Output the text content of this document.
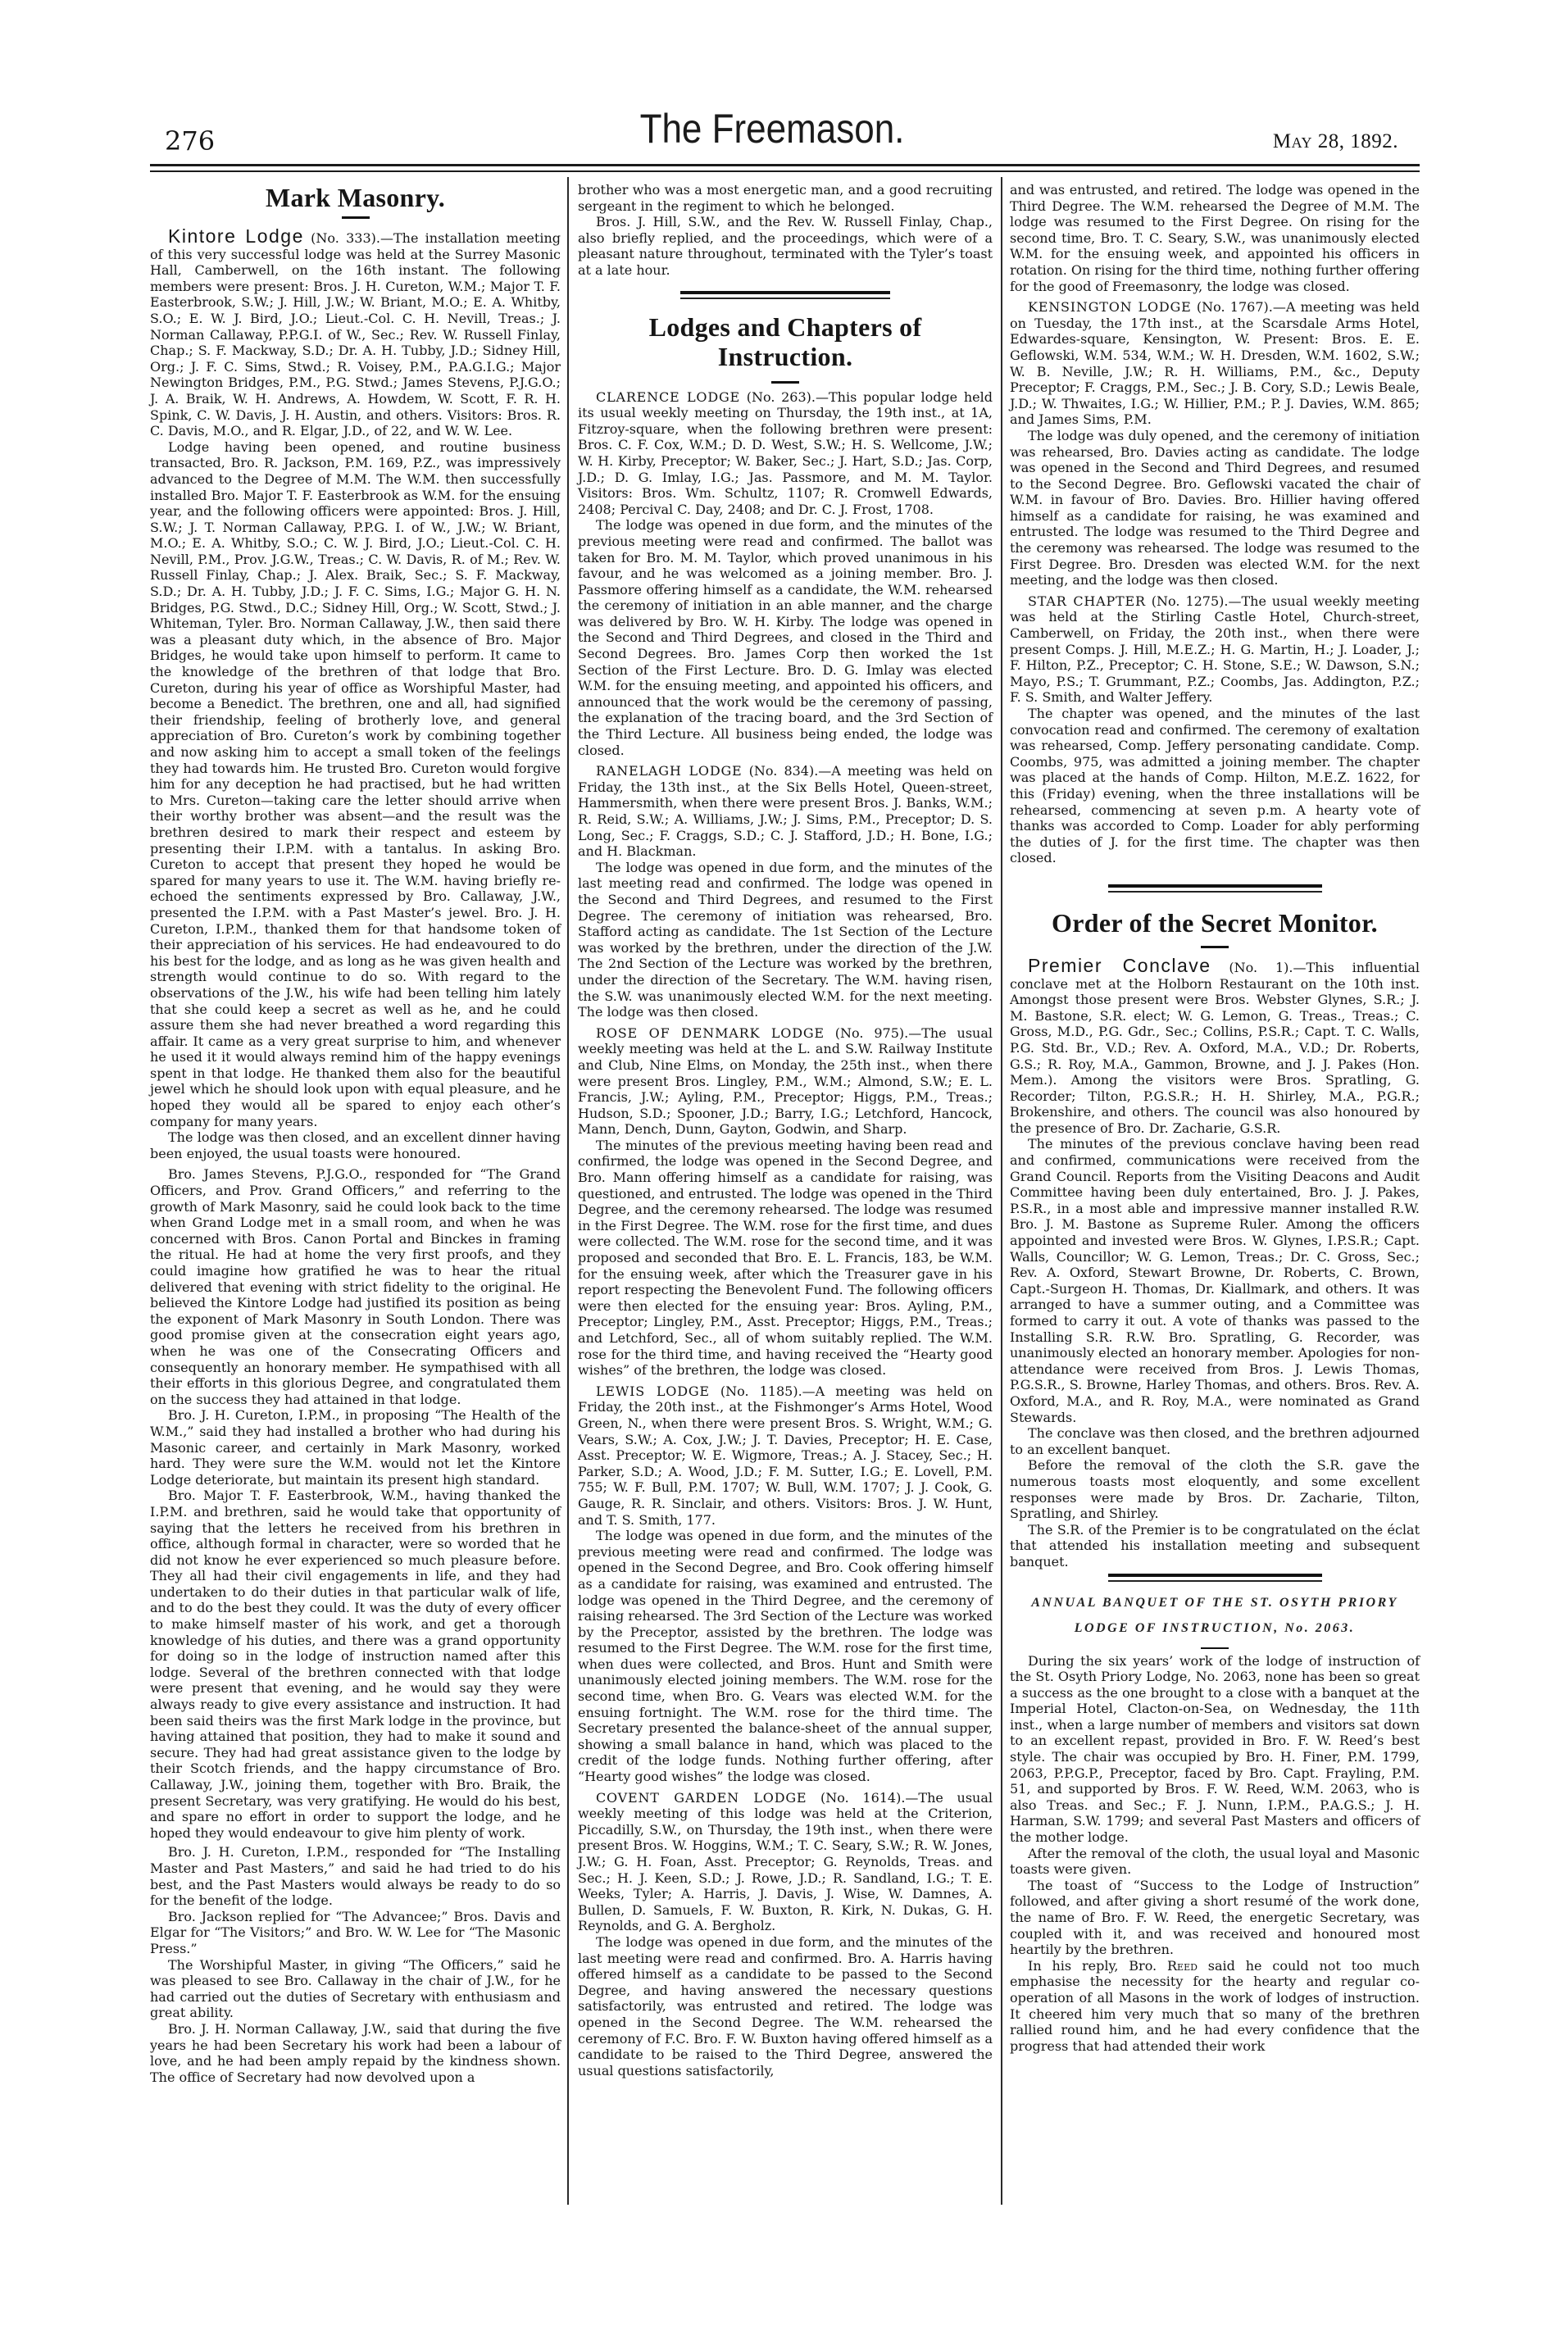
276	The Freemason.	May 28, 1892.
Mark Masonry.

Kintore Lodge (No. 333).—The installation meeting of this very successful lodge was held at the Surrey Masonic Hall, Camberwell, on the 16th instant. The following members were present: Bros. J. H. Cureton, W.M.; Major T. F. Easterbrook, S.W.; J. Hill, J.W.; W. Briant, M.O.; E. A. Whitby, S.O.; E. W. J. Bird, J.O.; Lieut.-Col. C. H. Nevill, Treas.; J. Norman Callaway, P.P.G.I. of W., Sec.; Rev. W. Russell Finlay, Chap.; S. F. Mackway, S.D.; Dr. A. H. Tubby, J.D.; Sidney Hill, Org.; J. F. C. Sims, Stwd.; R. Voisey, P.M., P.A.G.I.G.; Major Newington Bridges, P.M., P.G. Stwd.; James Stevens, P.J.G.O.; J. A. Braik, W. H. Andrews, A. Howdem, W. Scott, F. R. H. Spink, C. W. Davis, J. H. Austin, and others. Visitors: Bros. R. C. Davis, M.O., and R. Elgar, J.D., of 22, and W. W. Lee.

Lodge having been opened, and routine business transacted, Bro. R. Jackson, P.M. 169, P.Z., was impressively advanced to the Degree of M.M. The W.M. then successfully installed Bro. Major T. F. Easterbrook as W.M. for the ensuing year, and the following officers were appointed: Bros. J. Hill, S.W.; J. T. Norman Callaway, P.P.G. I. of W., J.W.; W. Briant, M.O.; E. A. Whitby, S.O.; C. W. J. Bird, J.O.; Lieut.-Col. C. H. Nevill, P.M., Prov. J.G.W., Treas.; C. W. Davis, R. of M.; Rev. W. Russell Finlay, Chap.; J. Alex. Braik, Sec.; S. F. Mackway, S.D.; Dr. A. H. Tubby, J.D.; J. F. C. Sims, I.G.; Major G. H. N. Bridges, P.G. Stwd., D.C.; Sidney Hill, Org.; W. Scott, Stwd.; J. Whiteman, Tyler. Bro. Norman Callaway, J.W., then said there was a pleasant duty which, in the absence of Bro. Major Bridges, he would take upon himself to perform. It came to the knowledge of the brethren of that lodge that Bro. Cureton, during his year of office as Worshipful Master, had become a Benedict. The brethren, one and all, had signified their friendship, feeling of brotherly love, and general appreciation of Bro. Cureton’s work by combining together and now asking him to accept a small token of the feelings they had towards him. He trusted Bro. Cureton would forgive him for any deception he had practised, but he had written to Mrs. Cureton—taking care the letter should arrive when their worthy brother was absent—and the result was the brethren desired to mark their respect and esteem by presenting their I.P.M. with a tantalus. In asking Bro. Cureton to accept that present they hoped he would be spared for many years to use it. The W.M. having briefly re-echoed the sentiments expressed by Bro. Callaway, J.W., presented the I.P.M. with a Past Master’s jewel. Bro. J. H. Cureton, I.P.M., thanked them for that handsome token of their appreciation of his services. He had endeavoured to do his best for the lodge, and as long as he was given health and strength would continue to do so. With regard to the observations of the J.W., his wife had been telling him lately that she could keep a secret as well as he, and he could assure them she had never breathed a word regarding this affair. It came as a very great surprise to him, and whenever he used it it would always remind him of the happy evenings spent in that lodge. He thanked them also for the beautiful jewel which he should look upon with equal pleasure, and he hoped they would all be spared to enjoy each other’s company for many years.

The lodge was then closed, and an excellent dinner having been enjoyed, the usual toasts were honoured.

Bro. James Stevens, P.J.G.O., responded for “The Grand Officers, and Prov. Grand Officers,” and referring to the growth of Mark Masonry, said he could look back to the time when Grand Lodge met in a small room, and when he was concerned with Bros. Canon Portal and Binckes in framing the ritual. He had at home the very first proofs, and they could imagine how gratified he was to hear the ritual delivered that evening with strict fidelity to the original. He believed the Kintore Lodge had justified its position as being the exponent of Mark Masonry in South London. There was good promise given at the consecration eight years ago, when he was one of the Consecrating Officers and consequently an honorary member. He sympathised with all their efforts in this glorious Degree, and congratulated them on the success they had attained in that lodge.

Bro. J. H. Cureton, I.P.M., in proposing “The Health of the W.M.,” said they had installed a brother who had during his Masonic career, and certainly in Mark Masonry, worked hard. They were sure the W.M. would not let the Kintore Lodge deteriorate, but maintain its present high standard.

Bro. Major T. F. Easterbrook, W.M., having thanked the I.P.M. and brethren, said he would take that opportunity of saying that the letters he received from his brethren in office, although formal in character, were so worded that he did not know he ever experienced so much pleasure before. They all had their civil engagements in life, and they had undertaken to do their duties in that particular walk of life, and to do the best they could. It was the duty of every officer to make himself master of his work, and get a thorough knowledge of his duties, and there was a grand opportunity for doing so in the lodge of instruction named after this lodge. Several of the brethren connected with that lodge were present that evening, and he would say they were always ready to give every assistance and instruction. It had been said theirs was the first Mark lodge in the province, but having attained that position, they had to make it sound and secure. They had had great assistance given to the lodge by their Scotch friends, and the happy circumstance of Bro. Callaway, J.W., joining them, together with Bro. Braik, the present Secretary, was very gratifying. He would do his best, and spare no effort in order to support the lodge, and he hoped they would endeavour to give him plenty of work.

Bro. J. H. Cureton, I.P.M., responded for “The Installing Master and Past Masters,” and said he had tried to do his best, and the Past Masters would always be ready to do so for the benefit of the lodge.

Bro. Jackson replied for “The Advancee;” Bros. Davis and Elgar for “The Visitors;” and Bro. W. W. Lee for “The Masonic Press.”

The Worshipful Master, in giving “The Officers,” said he was pleased to see Bro. Callaway in the chair of J.W., for he had carried out the duties of Secretary with enthusiasm and great ability.

Bro. J. H. Norman Callaway, J.W., said that during the five years he had been Secretary his work had been a labour of love, and he had been amply repaid by the kindness shown. The office of Secretary had now devolved upon a

brother who was a most energetic man, and a good recruiting sergeant in the regiment to which he belonged.

Bros. J. Hill, S.W., and the Rev. W. Russell Finlay, Chap., also briefly replied, and the proceedings, which were of a pleasant nature throughout, terminated with the Tyler’s toast at a late hour.

Lodges and Chapters of
Instruction.

CLARENCE LODGE (No. 263).—This popular lodge held its usual weekly meeting on Thursday, the 19th inst., at 1A, Fitzroy-square, when the following brethren were present: Bros. C. F. Cox, W.M.; D. D. West, S.W.; H. S. Wellcome, J.W.; W. H. Kirby, Preceptor; W. Baker, Sec.; J. Hart, S.D.; Jas. Corp, J.D.; D. G. Imlay, I.G.; Jas. Passmore, and M. M. Taylor. Visitors: Bros. Wm. Schultz, 1107; R. Cromwell Edwards, 2408; Percival C. Day, 2408; and Dr. C. J. Frost, 1708.

The lodge was opened in due form, and the minutes of the previous meeting were read and confirmed. The ballot was taken for Bro. M. M. Taylor, which proved unanimous in his favour, and he was welcomed as a joining member. Bro. J. Passmore offering himself as a candidate, the W.M. rehearsed the ceremony of initiation in an able manner, and the charge was delivered by Bro. W. H. Kirby. The lodge was opened in the Second and Third Degrees, and closed in the Third and Second Degrees. Bro. James Corp then worked the 1st Section of the First Lecture. Bro. D. G. Imlay was elected W.M. for the ensuing meeting, and appointed his officers, and announced that the work would be the ceremony of passing, the explanation of the tracing board, and the 3rd Section of the Third Lecture. All business being ended, the lodge was closed.

RANELAGH LODGE (No. 834).—A meeting was held on Friday, the 13th inst., at the Six Bells Hotel, Queen-street, Hammersmith, when there were present Bros. J. Banks, W.M.; R. Reid, S.W.; A. Williams, J.W.; J. Sims, P.M., Preceptor; D. S. Long, Sec.; F. Craggs, S.D.; C. J. Stafford, J.D.; H. Bone, I.G.; and H. Blackman.

The lodge was opened in due form, and the minutes of the last meeting read and confirmed. The lodge was opened in the Second and Third Degrees, and resumed to the First Degree. The ceremony of initiation was rehearsed, Bro. Stafford acting as candidate. The 1st Section of the Lecture was worked by the brethren, under the direction of the J.W. The 2nd Section of the Lecture was worked by the brethren, under the direction of the Secretary. The W.M. having risen, the S.W. was unanimously elected W.M. for the next meeting. The lodge was then closed.

ROSE OF DENMARK LODGE (No. 975).—The usual weekly meeting was held at the L. and S.W. Railway Institute and Club, Nine Elms, on Monday, the 25th inst., when there were present Bros. Lingley, P.M., W.M.; Almond, S.W.; E. L. Francis, J.W.; Ayling, P.M., Preceptor; Higgs, P.M., Treas.; Hudson, S.D.; Spooner, J.D.; Barry, I.G.; Letchford, Hancock, Mann, Dench, Dunn, Gayton, Godwin, and Sharp.

The minutes of the previous meeting having been read and confirmed, the lodge was opened in the Second Degree, and Bro. Mann offering himself as a candidate for raising, was questioned, and entrusted. The lodge was opened in the Third Degree, and the ceremony rehearsed. The lodge was resumed in the First Degree. The W.M. rose for the first time, and dues were collected. The W.M. rose for the second time, and it was proposed and seconded that Bro. E. L. Francis, 183, be W.M. for the ensuing week, after which the Treasurer gave in his report respecting the Benevolent Fund. The following officers were then elected for the ensuing year: Bros. Ayling, P.M., Preceptor; Lingley, P.M., Asst. Preceptor; Higgs, P.M., Treas.; and Letchford, Sec., all of whom suitably replied. The W.M. rose for the third time, and having received the “Hearty good wishes” of the brethren, the lodge was closed.

LEWIS LODGE (No. 1185).—A meeting was held on Friday, the 20th inst., at the Fishmonger’s Arms Hotel, Wood Green, N., when there were present Bros. S. Wright, W.M.; G. Vears, S.W.; A. Cox, J.W.; J. T. Davies, Preceptor; H. E. Case, Asst. Preceptor; W. E. Wigmore, Treas.; A. J. Stacey, Sec.; H. Parker, S.D.; A. Wood, J.D.; F. M. Sutter, I.G.; E. Lovell, P.M. 755; W. F. Bull, P.M. 1707; W. Bull, W.M. 1707; J. J. Cook, G. Gauge, R. R. Sinclair, and others. Visitors: Bros. J. W. Hunt, and T. S. Smith, 177.

The lodge was opened in due form, and the minutes of the previous meeting were read and confirmed. The lodge was opened in the Second Degree, and Bro. Cook offering himself as a candidate for raising, was examined and entrusted. The lodge was opened in the Third Degree, and the ceremony of raising rehearsed. The 3rd Section of the Lecture was worked by the Preceptor, assisted by the brethren. The lodge was resumed to the First Degree. The W.M. rose for the first time, when dues were collected, and Bros. Hunt and Smith were unanimously elected joining members. The W.M. rose for the second time, when Bro. G. Vears was elected W.M. for the ensuing fortnight. The W.M. rose for the third time. The Secretary presented the balance-sheet of the annual supper, showing a small balance in hand, which was placed to the credit of the lodge funds. Nothing further offering, after “Hearty good wishes” the lodge was closed.

COVENT GARDEN LODGE (No. 1614).—The usual weekly meeting of this lodge was held at the Criterion, Piccadilly, S.W., on Thursday, the 19th inst., when there were present Bros. W. Hoggins, W.M.; T. C. Seary, S.W.; R. W. Jones, J.W.; G. H. Foan, Asst. Preceptor; G. Reynolds, Treas. and Sec.; H. J. Keen, S.D.; J. Rowe, J.D.; R. Sandland, I.G.; T. E. Weeks, Tyler; A. Harris, J. Davis, J. Wise, W. Damnes, A. Bullen, D. Samuels, F. W. Buxton, R. Kirk, N. Dukas, G. H. Reynolds, and G. A. Bergholz.

The lodge was opened in due form, and the minutes of the last meeting were read and confirmed. Bro. A. Harris having offered himself as a candidate to be passed to the Second Degree, and having answered the necessary questions satisfactorily, was entrusted and retired. The lodge was opened in the Second Degree. The W.M. rehearsed the ceremony of F.C. Bro. F. W. Buxton having offered himself as a candidate to be raised to the Third Degree, answered the usual questions satisfactorily,

and was entrusted, and retired. The lodge was opened in the Third Degree. The W.M. rehearsed the Degree of M.M. The lodge was resumed to the First Degree. On rising for the second time, Bro. T. C. Seary, S.W., was unanimously elected W.M. for the ensuing week, and appointed his officers in rotation. On rising for the third time, nothing further offering for the good of Freemasonry, the lodge was closed.

KENSINGTON LODGE (No. 1767).—A meeting was held on Tuesday, the 17th inst., at the Scarsdale Arms Hotel, Edwardes-square, Kensington, W. Present: Bros. E. E. Geflowski, W.M. 534, W.M.; W. H. Dresden, W.M. 1602, S.W.; W. B. Neville, J.W.; R. H. Williams, P.M., &c., Deputy Preceptor; F. Craggs, P.M., Sec.; J. B. Cory, S.D.; Lewis Beale, J.D.; W. Thwaites, I.G.; W. Hillier, P.M.; P. J. Davies, W.M. 865; and James Sims, P.M.

The lodge was duly opened, and the ceremony of initiation was rehearsed, Bro. Davies acting as candidate. The lodge was opened in the Second and Third Degrees, and resumed to the Second Degree. Bro. Geflowski vacated the chair of W.M. in favour of Bro. Davies. Bro. Hillier having offered himself as a candidate for raising, he was examined and entrusted. The lodge was resumed to the Third Degree and the ceremony was rehearsed. The lodge was resumed to the First Degree. Bro. Dresden was elected W.M. for the next meeting, and the lodge was then closed.

STAR CHAPTER (No. 1275).—The usual weekly meeting was held at the Stirling Castle Hotel, Church-street, Camberwell, on Friday, the 20th inst., when there were present Comps. J. Hill, M.E.Z.; H. G. Martin, H.; J. Loader, J.; F. Hilton, P.Z., Preceptor; C. H. Stone, S.E.; W. Dawson, S.N.; Mayo, P.S.; T. Grummant, P.Z.; Coombs, Jas. Addington, P.Z.; F. S. Smith, and Walter Jeffery.

The chapter was opened, and the minutes of the last convocation read and confirmed. The ceremony of exaltation was rehearsed, Comp. Jeffery personating candidate. Comp. Coombs, 975, was admitted a joining member. The chapter was placed at the hands of Comp. Hilton, M.E.Z. 1622, for this (Friday) evening, when the three installations will be rehearsed, commencing at seven p.m. A hearty vote of thanks was accorded to Comp. Loader for ably performing the duties of J. for the first time. The chapter was then closed.

Order of the Secret Monitor.

Premier Conclave (No. 1).—This influential conclave met at the Holborn Restaurant on the 10th inst. Amongst those present were Bros. Webster Glynes, S.R.; J. M. Bastone, S.R. elect; W. G. Lemon, G. Treas., Treas.; C. Gross, M.D., P.G. Gdr., Sec.; Collins, P.S.R.; Capt. T. C. Walls, P.G. Std. Br., V.D.; Rev. A. Oxford, M.A., V.D.; Dr. Roberts, G.S.; R. Roy, M.A., Gammon, Browne, and J. J. Pakes (Hon. Mem.). Among the visitors were Bros. Spratling, G. Recorder; Tilton, P.G.S.R.; H. H. Shirley, M.A., P.G.R.; Brokenshire, and others. The council was also honoured by the presence of Bro. Dr. Zacharie, G.S.R.

The minutes of the previous conclave having been read and confirmed, communications were received from the Grand Council. Reports from the Visiting Deacons and Audit Committee having been duly entertained, Bro. J. J. Pakes, P.S.R., in a most able and impressive manner installed R.W. Bro. J. M. Bastone as Supreme Ruler. Among the officers appointed and invested were Bros. W. Glynes, I.P.S.R.; Capt. Walls, Councillor; W. G. Lemon, Treas.; Dr. C. Gross, Sec.; Rev. A. Oxford, Stewart Browne, Dr. Roberts, C. Brown, Capt.-Surgeon H. Thomas, Dr. Kiallmark, and others. It was arranged to have a summer outing, and a Committee was formed to carry it out. A vote of thanks was passed to the Installing S.R. R.W. Bro. Spratling, G. Recorder, was unanimously elected an honorary member. Apologies for non-attendance were received from Bros. J. Lewis Thomas, P.G.S.R., S. Browne, Harley Thomas, and others. Bros. Rev. A. Oxford, M.A., and R. Roy, M.A., were nominated as Grand Stewards.

The conclave was then closed, and the brethren adjourned to an excellent banquet.

Before the removal of the cloth the S.R. gave the numerous toasts most eloquently, and some excellent responses were made by Bros. Dr. Zacharie, Tilton, Spratling, and Shirley.

The S.R. of the Premier is to be congratulated on the éclat that attended his installation meeting and subsequent banquet.

ANNUAL BANQUET OF THE ST. OSYTH PRIORY
LODGE OF INSTRUCTION, No. 2063.

During the six years’ work of the lodge of instruction of the St. Osyth Priory Lodge, No. 2063, none has been so great a success as the one brought to a close with a banquet at the Imperial Hotel, Clacton-on-Sea, on Wednesday, the 11th inst., when a large number of members and visitors sat down to an excellent repast, provided in Bro. F. W. Reed’s best style. The chair was occupied by Bro. H. Finer, P.M. 1799, 2063, P.P.G.P., Preceptor, faced by Bro. Capt. Frayling, P.M. 51, and supported by Bros. F. W. Reed, W.M. 2063, who is also Treas. and Sec.; F. J. Nunn, I.P.M., P.A.G.S.; J. H. Harman, S.W. 1799; and several Past Masters and officers of the mother lodge.

After the removal of the cloth, the usual loyal and Masonic toasts were given.

The toast of “Success to the Lodge of Instruction” followed, and after giving a short resumé of the work done, the name of Bro. F. W. Reed, the energetic Secretary, was coupled with it, and was received and honoured most heartily by the brethren.

In his reply, Bro. Reed said he could not too much emphasise the necessity for the hearty and regular co-operation of all Masons in the work of lodges of instruction. It cheered him very much that so many of the brethren rallied round him, and he had every confidence that the progress that had attended their work
